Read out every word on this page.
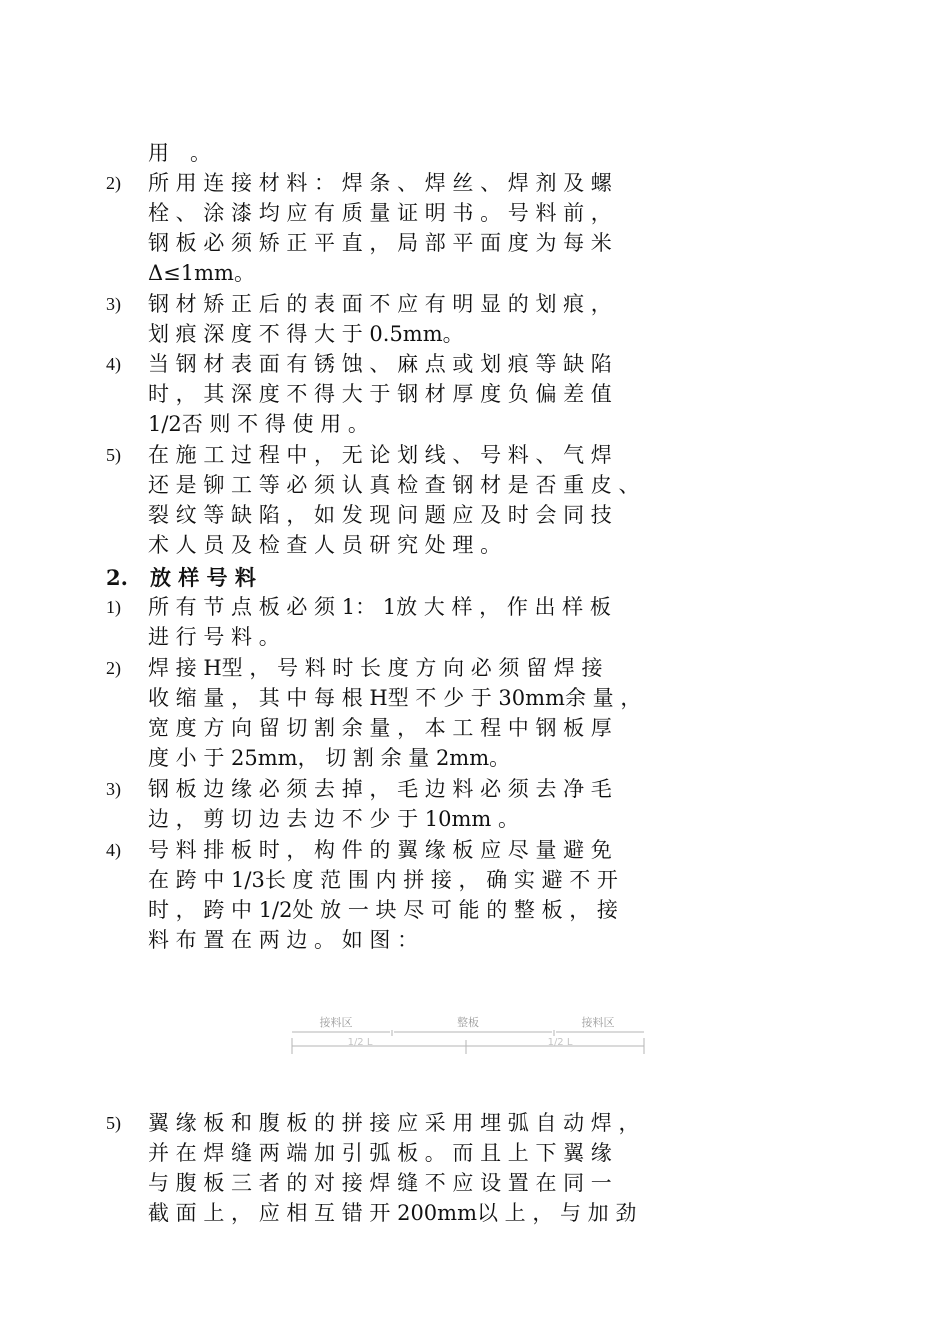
用　。
2) 所 用 连 接 材 料 ： 焊 条 、 焊 丝 、 焊 剂 及 螺
栓 、 涂 漆 均 应 有 质 量 证 明 书 。 号 料 前 ，
钢 板 必 须 矫 正 平 直 ， 局 部 平 面 度 为 每 米
Δ≤1mm。
3) 钢 材 矫 正 后 的 表 面 不 应 有 明 显 的 划 痕 ，
划 痕 深 度 不 得 大 于 0.5mm。
4) 当 钢 材 表 面 有 锈 蚀 、 麻 点 或 划 痕 等 缺 陷
时 ， 其 深 度 不 得 大 于 钢 材 厚 度 负 偏 差 值
1/2否 则 不 得 使 用 。
5) 在 施 工 过 程 中 ， 无 论 划 线 、 号 料 、 气 焊
还 是 铆 工 等 必 须 认 真 检 查 钢 材 是 否 重 皮 、
裂 纹 等 缺 陷 ， 如 发 现 问 题 应 及 时 会 同 技
术 人 员 及 检 查 人 员 研 究 处 理 。
2. 放 样 号 料
1) 所 有 节 点 板 必 须 1： 1放 大 样 ， 作 出 样 板
进 行 号 料 。
2) 焊 接 H型 ， 号 料 时 长 度 方 向 必 须 留 焊 接
收 缩 量 ， 其 中 每 根 H型 不 少 于 30mm余 量 ，
宽 度 方 向 留 切 割 余 量 ， 本 工 程 中 钢 板 厚
度 小 于 25mm， 切 割 余 量 2mm。
3) 钢 板 边 缘 必 须 去 掉 ， 毛 边 料 必 须 去 净 毛
边 ， 剪 切 边 去 边 不 少 于 10mm 。
4) 号 料 排 板 时 ， 构 件 的 翼 缘 板 应 尽 量 避 免
在 跨 中 1/3长 度 范 围 内 拼 接 ， 确 实 避 不 开
时 ， 跨 中 1/2处 放 一 块 尽 可 能 的 整 板 ， 接
料 布 置 在 两 边 。 如 图 ：
接料区	整板	接料区
1/2 L	1/2 L
5) 翼 缘 板 和 腹 板 的 拼 接 应 采 用 埋 弧 自 动 焊 ，
并 在 焊 缝 两 端 加 引 弧 板 。 而 且 上 下 翼 缘
与 腹 板 三 者 的 对 接 焊 缝 不 应 设 置 在 同 一
截 面 上 ， 应 相 互 错 开 200mm以 上 ， 与 加 劲
